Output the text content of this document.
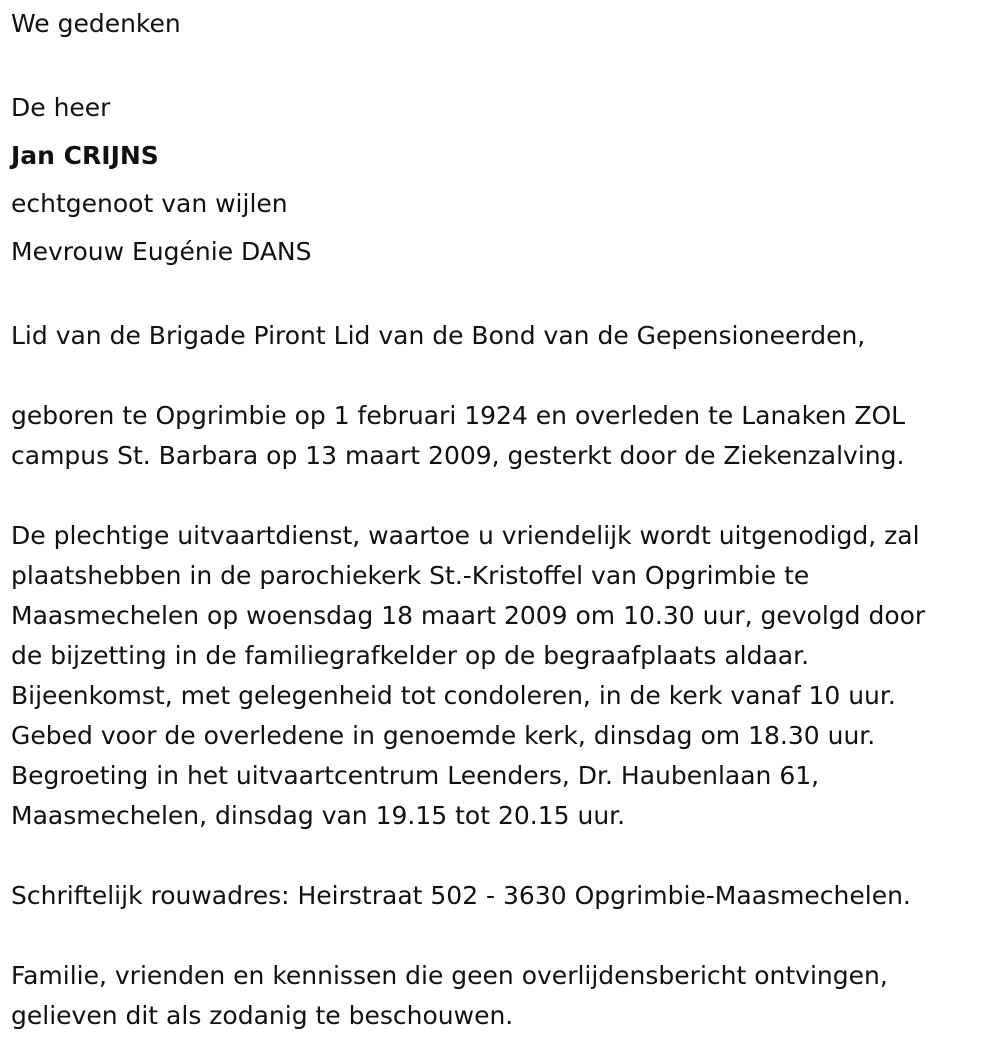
We gedenken
De heer
Jan CRIJNS
echtgenoot van wijlen
Mevrouw Eugénie DANS
Lid van de Brigade Piront Lid van de Bond van de Gepensioneerden,
geboren te Opgrimbie op 1 februari 1924 en overleden te Lanaken ZOL
campus St. Barbara op 13 maart 2009, gesterkt door de Ziekenzalving.
De plechtige uitvaartdienst, waartoe u vriendelijk wordt uitgenodigd, zal
plaatshebben in de parochiekerk St.-Kristoffel van Opgrimbie te
Maasmechelen op woensdag 18 maart 2009 om 10.30 uur, gevolgd door
de bijzetting in de familiegrafkelder op de begraafplaats aldaar.
Bijeenkomst, met gelegenheid tot condoleren, in de kerk vanaf 10 uur.
Gebed voor de overledene in genoemde kerk, dinsdag om 18.30 uur.
Begroeting in het uitvaartcentrum Leenders, Dr. Haubenlaan 61,
Maasmechelen, dinsdag van 19.15 tot 20.15 uur.
Schriftelijk rouwadres: Heirstraat 502 - 3630 Opgrimbie-Maasmechelen.
Familie, vrienden en kennissen die geen overlijdensbericht ontvingen,
gelieven dit als zodanig te beschouwen.
